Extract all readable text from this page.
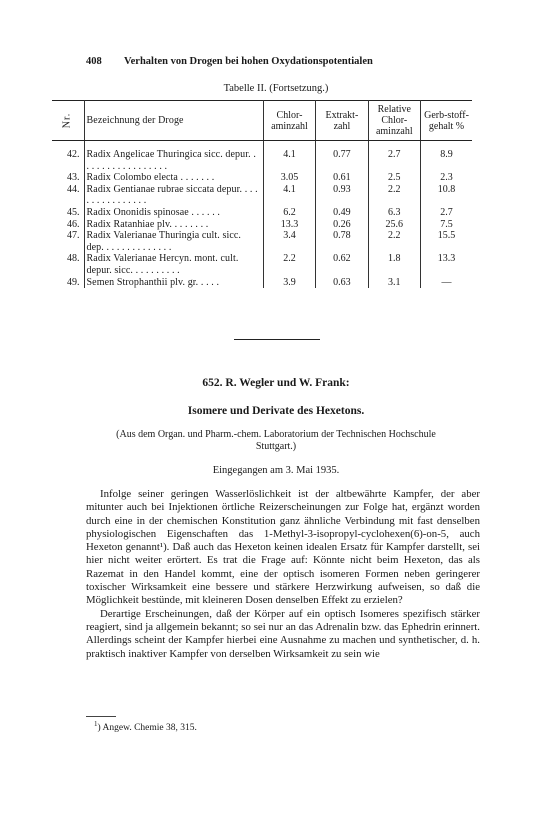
408	Verhalten von Drogen bei hohen Oxydationspotentialen
Tabelle II. (Fortsetzung.)
Nr.	Bezeichnung der Droge	Chlor-aminzahl	Extrakt-zahl	Relative Chlor-aminzahl	Gerb-stoff-gehalt %

42.	Radix Angelicae Thuringica sicc. depur. . . . . . . . . . . . . . . . . .	4.1	0.77	2.7	8.9
43.	Radix Colombo electa . . . . . . .	3.05	0.61	2.5	2.3
44.	Radix Gentianae rubrae siccata depur. . . . . . . . . . . . . . . .	4.1	0.93	2.2	10.8
45.	Radix Ononidis spinosae . . . . . .	6.2	0.49	6.3	2.7
46.	Radix Ratanhiae plv. . . . . . . .	13.3	0.26	25.6	7.5
47.	Radix Valerianae Thuringia cult. sicc. dep. . . . . . . . . . . . . .	3.4	0.78	2.2	15.5
48.	Radix Valerianae Hercyn. mont. cult. depur. sicc. . . . . . . . . .	2.2	0.62	1.8	13.3
49.	Semen Strophanthii plv. gr. . . . .	3.9	0.63	3.1	—
652. R. Wegler und W. Frank:
Isomere und Derivate des Hexetons.
(Aus dem Organ. und Pharm.-chem. Laboratorium der Technischen Hochschule Stuttgart.)
Eingegangen am 3. Mai 1935.

Infolge seiner geringen Wasserlöslichkeit ist der altbewährte Kampfer, der aber mitunter auch bei Injektionen örtliche Reizerscheinungen zur Folge hat, ergänzt worden durch eine in der chemischen Konstitution ganz ähnliche Verbindung mit fast denselben physiologischen Eigenschaften das 1-Methyl-3-isopropyl-cyclohexen(6)-on-5, auch Hexeton genannt¹). Daß auch das Hexeton keinen idealen Ersatz für Kampfer darstellt, sei hier nicht weiter erörtert. Es trat die Frage auf: Könnte nicht beim Hexeton, das als Razemat in den Handel kommt, eine der optisch isomeren Formen neben geringerer toxischer Wirksamkeit eine bessere und stärkere Herzwirkung aufweisen, so daß die Möglichkeit bestünde, mit kleineren Dosen denselben Effekt zu erzielen?

Derartige Erscheinungen, daß der Körper auf ein optisch Isomeres spezifisch stärker reagiert, sind ja allgemein bekannt; so sei nur an das Adrenalin bzw. das Ephedrin erinnert. Allerdings scheint der Kampfer hierbei eine Ausnahme zu machen und synthetischer, d. h. praktisch inaktiver Kampfer von derselben Wirksamkeit zu sein wie

$^1$) Angew. Chemie 38, 315.
